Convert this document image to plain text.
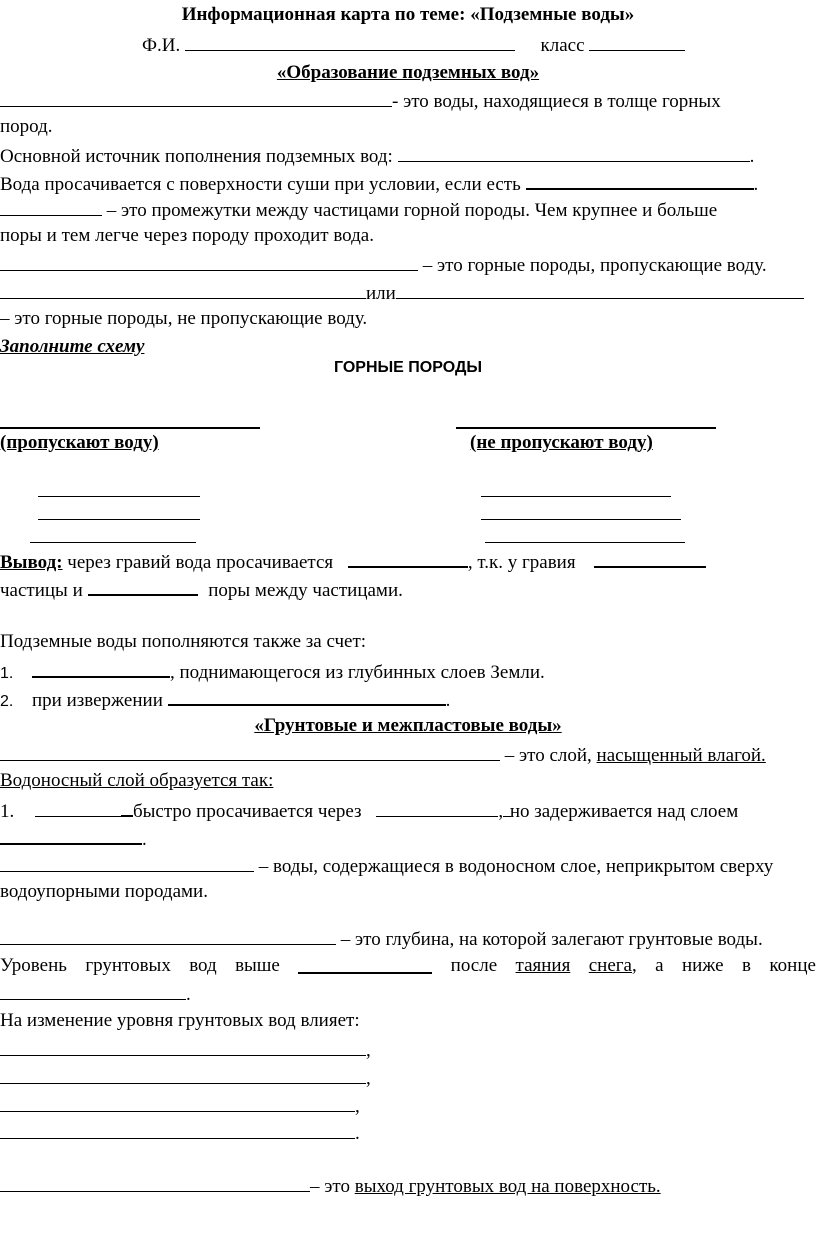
Информационная карта по теме: «Подземные воды»
Ф.И.	класс
«Образование подземных вод»
- это воды, находящиеся в толще горных
пород.
Основной источник пополнения подземных вод:	.
Вода просачивается с поверхности суши при условии, если есть	.
– это промежутки между частицами горной породы. Чем крупнее и больше
поры и тем легче через породу проходит вода.
– это горные породы, пропускающие воду.
или
– это горные породы, не пропускающие воду.
Заполните схему
ГОРНЫЕ ПОРОДЫ
(пропускают воду)	(не пропускают воду)
Вывод: через гравий вода просачивается	, т.к. у гравия
частицы и	поры между частицами.
Подземные воды пополняются также за счет:
1.	, поднимающегося из глубинных слоев Земли.
2. при извержении	.
«Грунтовые и межпластовые воды»
– это слой, насыщенный влагой.
Водоносный слой образуется так:
1.	быстро просачивается через	, но задерживается над слоем
.
– воды, содержащиеся в водоносном слое, неприкрытом сверху
водоупорными породами.
– это глубина, на которой залегают грунтовые воды.
Уровень грунтовых вод выше	после таяния снега, а ниже в конце
.
На изменение уровня грунтовых вод влияет:
,
,
,
.
– это выход грунтовых вод на поверхность.
